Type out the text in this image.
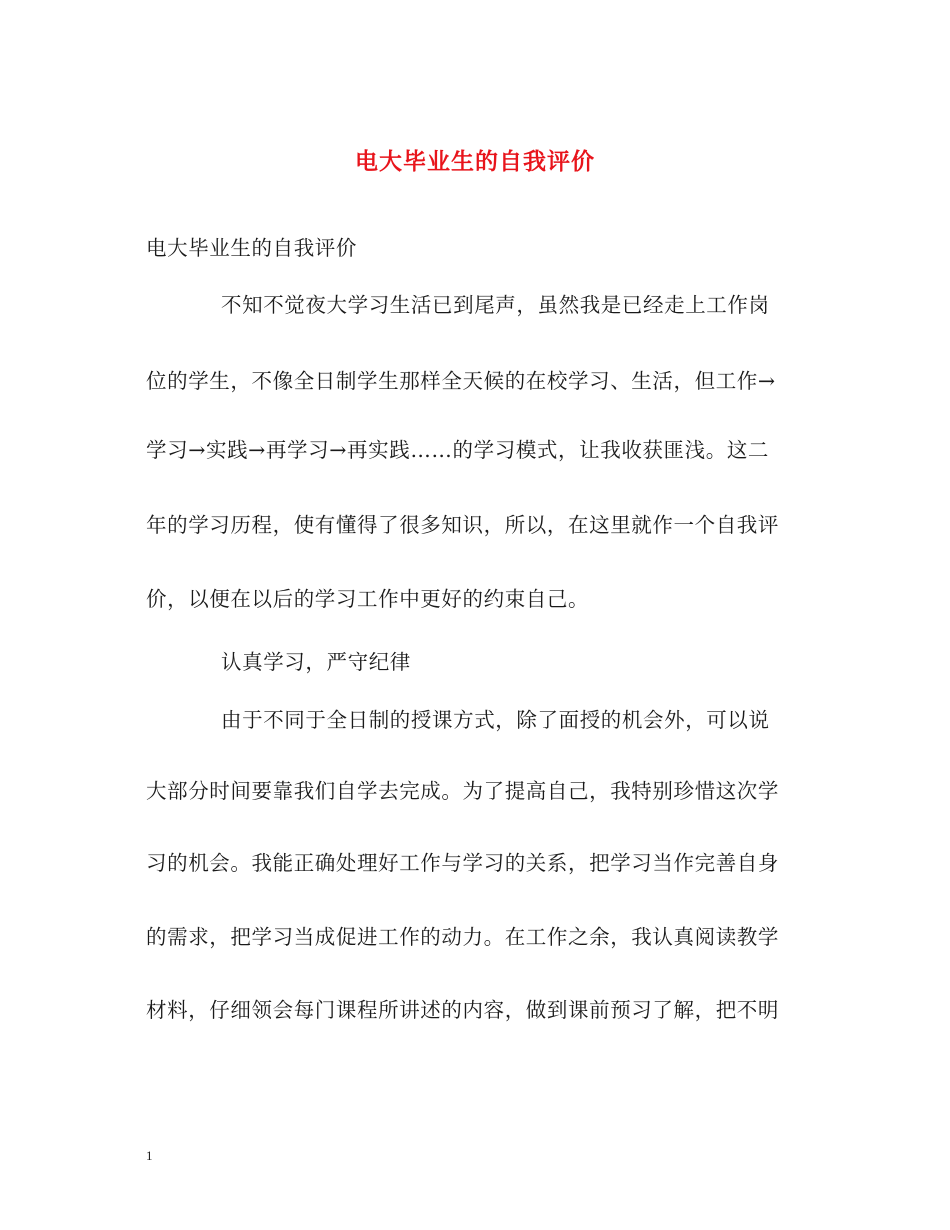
电大毕业生的自我评价
电大毕业生的自我评价
不知不觉夜大学习生活已到尾声，虽然我是已经走上工作岗
位的学生，不像全日制学生那样全天候的在校学习、生活，但工作→
学习→实践→再学习→再实践……的学习模式，让我收获匪浅。这二
年的学习历程，使有懂得了很多知识，所以，在这里就作一个自我评
价，以便在以后的学习工作中更好的约束自己。
认真学习，严守纪律
由于不同于全日制的授课方式，除了面授的机会外，可以说
大部分时间要靠我们自学去完成。为了提高自己，我特别珍惜这次学
习的机会。我能正确处理好工作与学习的关系，把学习当作完善自身
的需求，把学习当成促进工作的动力。在工作之余，我认真阅读教学
材料，仔细领会每门课程所讲述的内容，做到课前预习了解，把不明
1
